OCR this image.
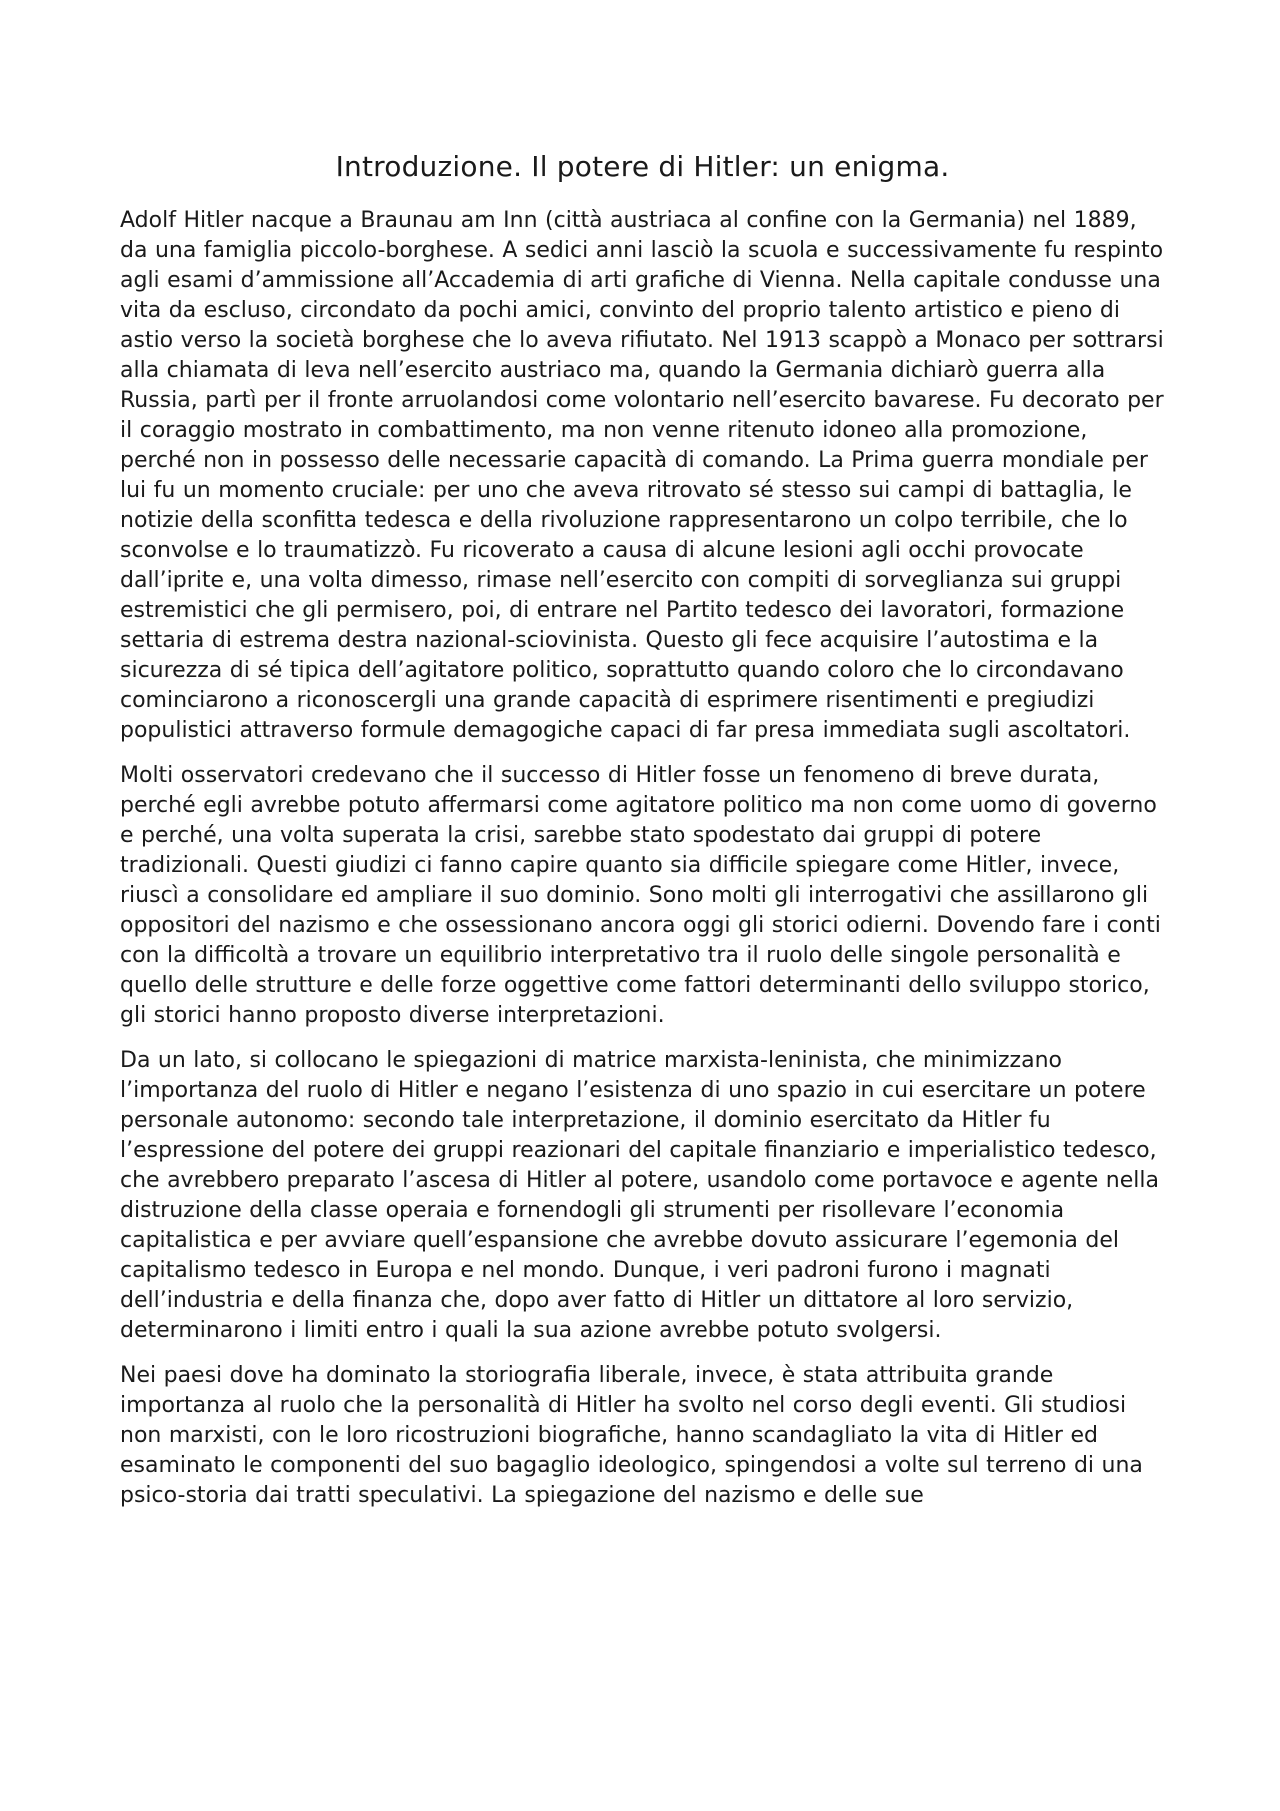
Introduzione. Il potere di Hitler: un enigma.

Adolf Hitler nacque a Braunau am Inn (città austriaca al confine con la Germania) nel 1889, da una famiglia piccolo-borghese. A sedici anni lasciò la scuola e successivamente fu respinto agli esami d’ammissione all’Accademia di arti grafiche di Vienna. Nella capitale condusse una vita da escluso, circondato da pochi amici, convinto del proprio talento artistico e pieno di astio verso la società borghese che lo aveva rifiutato. Nel 1913 scappò a Monaco per sottrarsi alla chiamata di leva nell’esercito austriaco ma, quando la Germania dichiarò guerra alla Russia, partì per il fronte arruolandosi come volontario nell’esercito bavarese. Fu decorato per il coraggio mostrato in combattimento, ma non venne ritenuto idoneo alla promozione, perché non in possesso delle necessarie capacità di comando. La Prima guerra mondiale per lui fu un momento cruciale: per uno che aveva ritrovato sé stesso sui campi di battaglia, le notizie della sconfitta tedesca e della rivoluzione rappresentarono un colpo terribile, che lo sconvolse e lo traumatizzò. Fu ricoverato a causa di alcune lesioni agli occhi provocate dall’iprite e, una volta dimesso, rimase nell’esercito con compiti di sorveglianza sui gruppi estremistici che gli permisero, poi, di entrare nel Partito tedesco dei lavoratori, formazione settaria di estrema destra nazional-sciovinista. Questo gli fece acquisire l’autostima e la sicurezza di sé tipica dell’agitatore politico, soprattutto quando coloro che lo circondavano cominciarono a riconoscergli una grande capacità di esprimere risentimenti e pregiudizi populistici attraverso formule demagogiche capaci di far presa immediata sugli ascoltatori.

Molti osservatori credevano che il successo di Hitler fosse un fenomeno di breve durata, perché egli avrebbe potuto affermarsi come agitatore politico ma non come uomo di governo e perché, una volta superata la crisi, sarebbe stato spodestato dai gruppi di potere tradizionali. Questi giudizi ci fanno capire quanto sia difficile spiegare come Hitler, invece, riuscì a consolidare ed ampliare il suo dominio. Sono molti gli interrogativi che assillarono gli oppositori del nazismo e che ossessionano ancora oggi gli storici odierni. Dovendo fare i conti con la difficoltà a trovare un equilibrio interpretativo tra il ruolo delle singole personalità e quello delle strutture e delle forze oggettive come fattori determinanti dello sviluppo storico, gli storici hanno proposto diverse interpretazioni.

Da un lato, si collocano le spiegazioni di matrice marxista-leninista, che minimizzano l’importanza del ruolo di Hitler e negano l’esistenza di uno spazio in cui esercitare un potere personale autonomo: secondo tale interpretazione, il dominio esercitato da Hitler fu l’espressione del potere dei gruppi reazionari del capitale finanziario e imperialistico tedesco, che avrebbero preparato l’ascesa di Hitler al potere, usandolo come portavoce e agente nella distruzione della classe operaia e fornendogli gli strumenti per risollevare l’economia capitalistica e per avviare quell’espansione che avrebbe dovuto assicurare l’egemonia del capitalismo tedesco in Europa e nel mondo. Dunque, i veri padroni furono i magnati dell’industria e della finanza che, dopo aver fatto di Hitler un dittatore al loro servizio, determinarono i limiti entro i quali la sua azione avrebbe potuto svolgersi.

Nei paesi dove ha dominato la storiografia liberale, invece, è stata attribuita grande importanza al ruolo che la personalità di Hitler ha svolto nel corso degli eventi. Gli studiosi non marxisti, con le loro ricostruzioni biografiche, hanno scandagliato la vita di Hitler ed esaminato le componenti del suo bagaglio ideologico, spingendosi a volte sul terreno di una psico-storia dai tratti speculativi. La spiegazione del nazismo e delle sue
